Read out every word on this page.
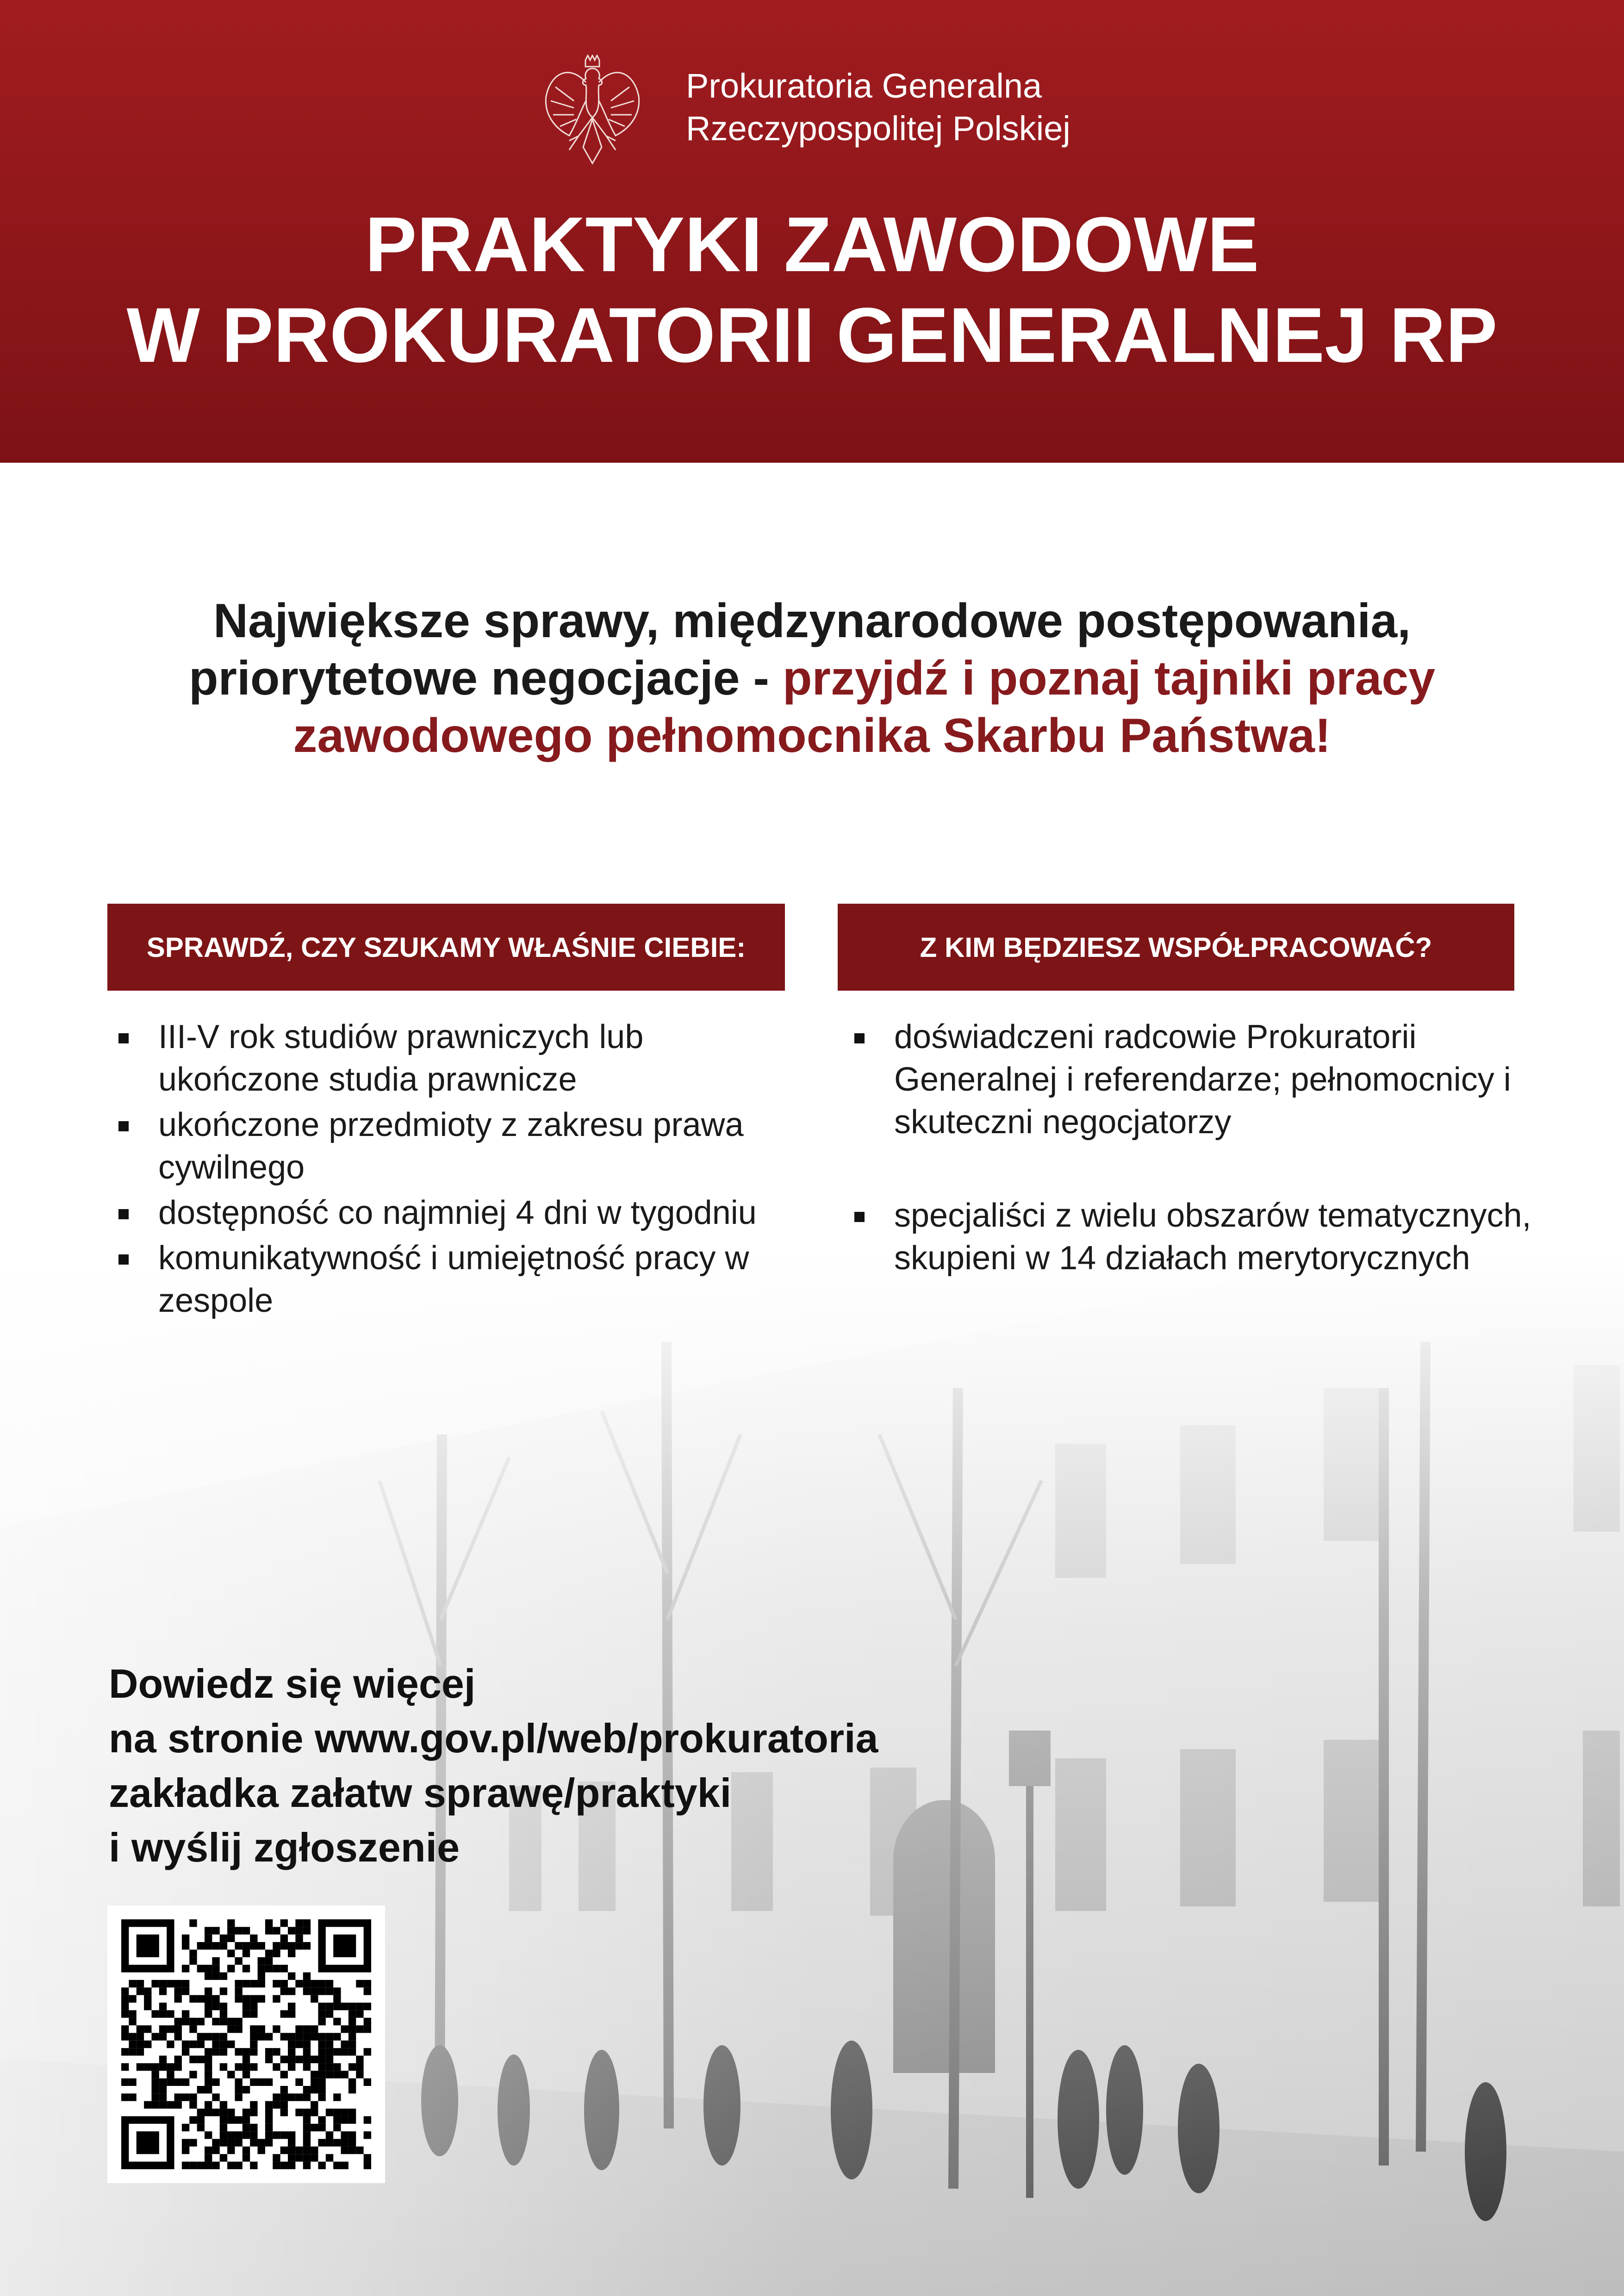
Prokuratoria Generalna
Rzeczypospolitej Polskiej
PRAKTYKI ZAWODOWE
W PROKURATORII GENERALNEJ RP
Największe sprawy, międzynarodowe postępowania,
priorytetowe negocjacje - przyjdź i poznaj tajniki pracy
zawodowego pełnomocnika Skarbu Państwa!
SPRAWDŹ, CZY SZUKAMY WŁAŚNIE CIEBIE:	Z KIM BĘDZIESZ WSPÓŁPRACOWAĆ?
III-V rok studiów prawniczych lub ukończone studia prawnicze
ukończone przedmioty z zakresu prawa cywilnego
dostępność co najmniej 4 dni w tygodniu
komunikatywność i umiejętność pracy w zespole
doświadczeni radcowie Prokuratorii Generalnej i referendarze; pełnomocnicy i skuteczni negocjatorzy
specjaliści z wielu obszarów tematycznych, skupieni w 14 działach merytorycznych
Dowiedz się więcej
na stronie www.gov.pl/web/prokuratoria
zakładka załatw sprawę/praktyki
i wyślij zgłoszenie
